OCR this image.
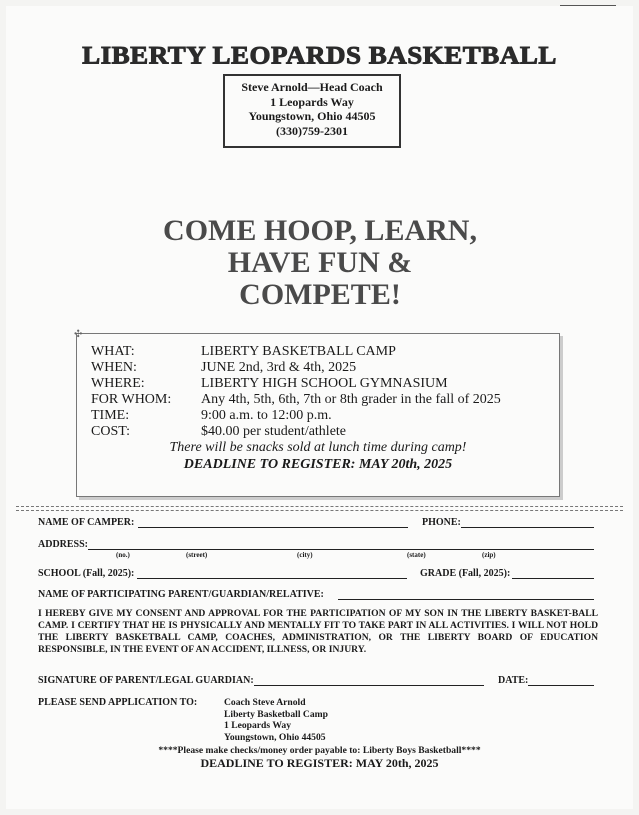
LIBERTY LEOPARDS BASKETBALL
Steve Arnold—Head Coach
1 Leopards Way
Youngstown, Ohio 44505
(330)759-2301
COME HOOP, LEARN,
HAVE FUN &
COMPETE!
✣
WHAT:	LIBERTY BASKETBALL CAMP
WHEN:	JUNE 2nd, 3rd & 4th, 2025
WHERE:	LIBERTY HIGH SCHOOL GYMNASIUM
FOR WHOM:	Any 4th, 5th, 6th, 7th or 8th grader in the fall of 2025
TIME:	9:00 a.m. to 12:00 p.m.
COST:	$40.00 per student/athlete
There will be snacks sold at lunch time during camp!
DEADLINE TO REGISTER: MAY 20th, 2025
NAME OF CAMPER:	PHONE:
ADDRESS:
(no.)	(street)	(city)	(state)	(zip)
SCHOOL (Fall, 2025):	GRADE (Fall, 2025):
NAME OF PARTICIPATING PARENT/GUARDIAN/RELATIVE:
I HEREBY GIVE MY CONSENT AND APPROVAL FOR THE PARTICIPATION OF MY SON IN THE LIBERTY BASKET-BALL CAMP. I CERTIFY THAT HE IS PHYSICALLY AND MENTALLY FIT TO TAKE PART IN ALL ACTIVITIES. I WILL NOT HOLD THE LIBERTY BASKETBALL CAMP, COACHES, ADMINISTRATION, OR THE LIBERTY BOARD OF EDUCATION RESPONSIBLE, IN THE EVENT OF AN ACCIDENT, ILLNESS, OR INJURY.
SIGNATURE OF PARENT/LEGAL GUARDIAN:	DATE:
PLEASE SEND APPLICATION TO:	Coach Steve Arnold
Liberty Basketball Camp
1 Leopards Way
Youngstown, Ohio 44505
****Please make checks/money order payable to: Liberty Boys Basketball****
DEADLINE TO REGISTER: MAY 20th, 2025
